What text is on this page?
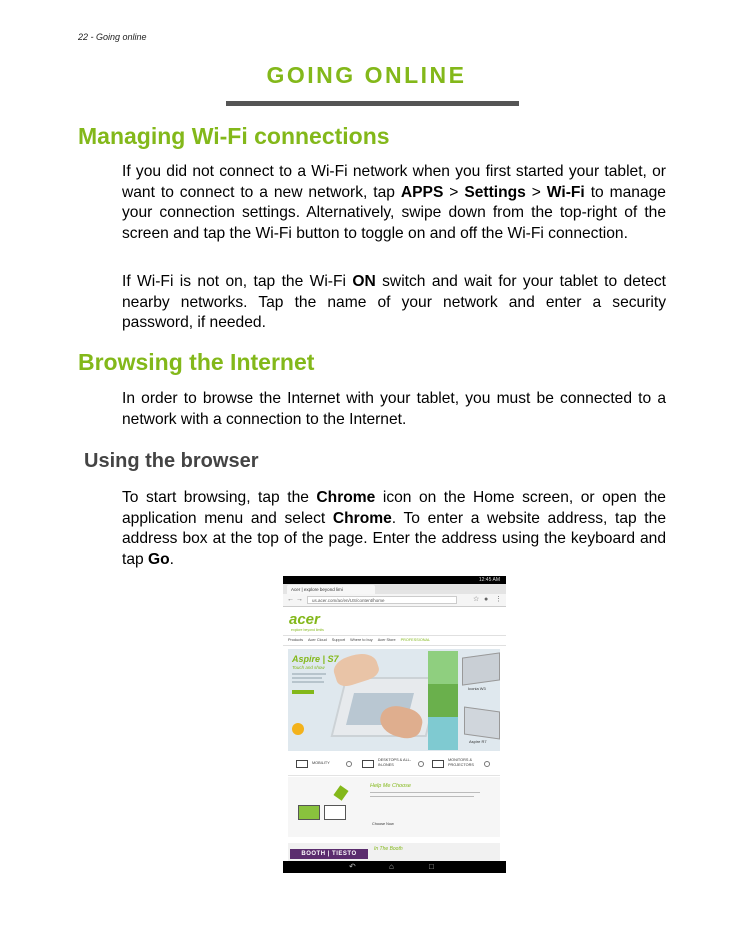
22 - Going online
GOING ONLINE
Managing Wi-Fi connections

If you did not connect to a Wi-Fi network when you first started your tablet, or want to connect to a new network, tap APPS > Settings > Wi-Fi to manage your connection settings. Alternatively, swipe down from the top-right of the screen and tap the Wi-Fi button to toggle on and off the Wi-Fi connection.

If Wi-Fi is not on, tap the Wi-Fi ON switch and wait for your tablet to detect nearby networks. Tap the name of your network and enter a security password, if needed.

Browsing the Internet

In order to browse the Internet with your tablet, you must be connected to a network with a connection to the Internet.

Using the browser

To start browsing, tap the Chrome icon on the Home screen, or open the application menu and select Chrome. To enter a website address, tap the address box at the top of the page. Enter the address using the keyboard and tap Go.

12:45 AM
Acer | explore beyond limi
← →	us.acer.com/ac/en/US/content/home	☆ ● ⋮
acer
explore beyond limits
Products	Acer Cloud	Support	Where to buy	Acer Store	PROFESSIONAL
Aspire | S7
Touch and show
Iconia W3
Aspire R7
MOBILITY
DESKTOPS & ALL-IN-ONES
MONITORS & PROJECTORS
Help Me Choose
Choose Now
BOOTH | TIESTO
In The Booth
↶	⌂	□
